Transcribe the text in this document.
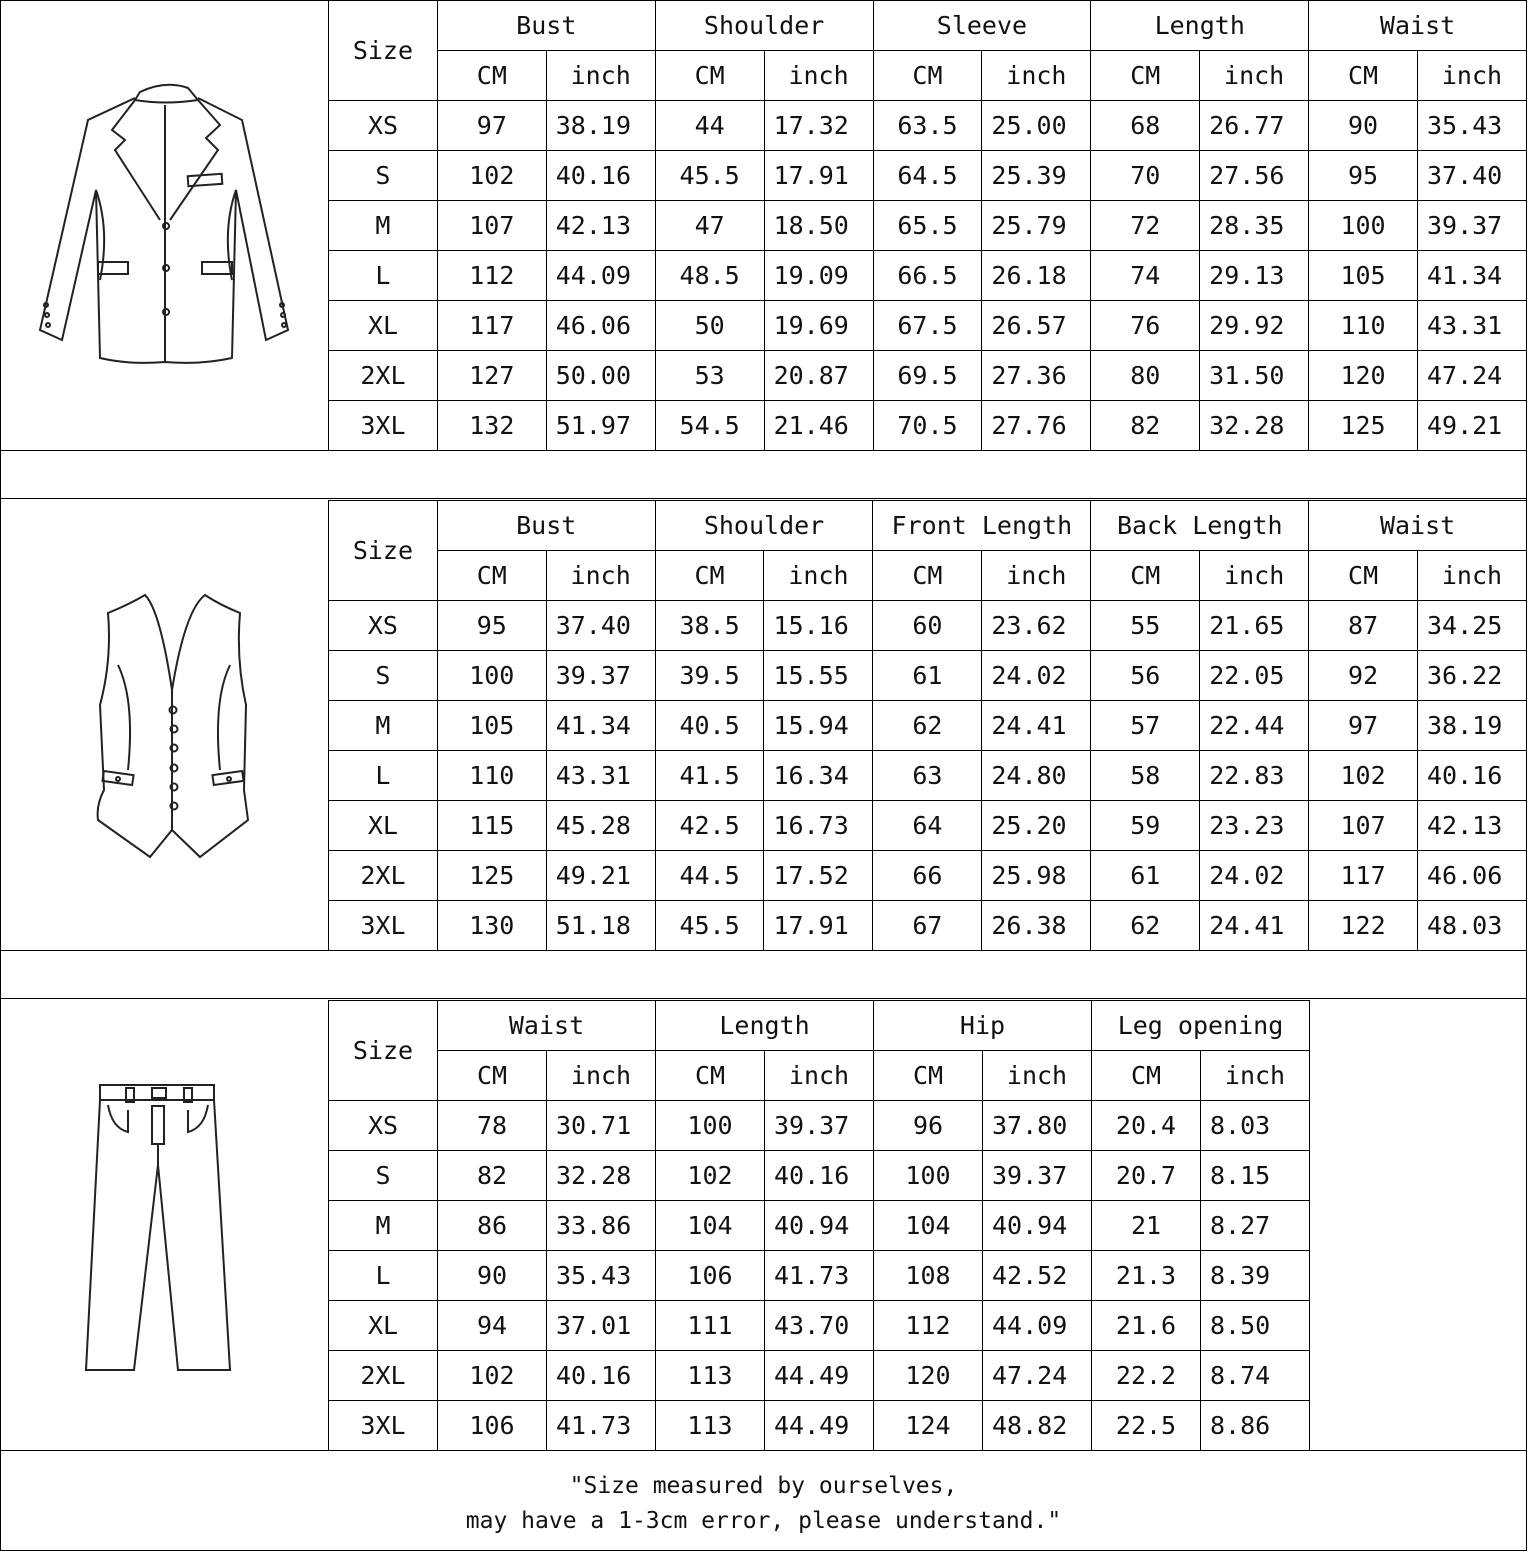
Size	Bust		Shoulder		Sleeve		Length		Waist	
	CM	inch	CM	inch	CM	inch	CM	inch	CM	inch
XS	97	38.19	44	17.32	63.5	25.00	68	26.77	90	35.43
S	102	40.16	45.5	17.91	64.5	25.39	70	27.56	95	37.40
M	107	42.13	47	18.50	65.5	25.79	72	28.35	100	39.37
L	112	44.09	48.5	19.09	66.5	26.18	74	29.13	105	41.34
XL	117	46.06	50	19.69	67.5	26.57	76	29.92	110	43.31
2XL	127	50.00	53	20.87	69.5	27.36	80	31.50	120	47.24
3XL	132	51.97	54.5	21.46	70.5	27.76	82	32.28	125	49.21
Size	Bust		Shoulder		Front Length		Back Length		Waist	
	CM	inch	CM	inch	CM	inch	CM	inch	CM	inch
XS	95	37.40	38.5	15.16	60	23.62	55	21.65	87	34.25
S	100	39.37	39.5	15.55	61	24.02	56	22.05	92	36.22
M	105	41.34	40.5	15.94	62	24.41	57	22.44	97	38.19
L	110	43.31	41.5	16.34	63	24.80	58	22.83	102	40.16
XL	115	45.28	42.5	16.73	64	25.20	59	23.23	107	42.13
2XL	125	49.21	44.5	17.52	66	25.98	61	24.02	117	46.06
3XL	130	51.18	45.5	17.91	67	26.38	62	24.41	122	48.03
Size	Waist		Length		Hip		Leg opening	
	CM	inch	CM	inch	CM	inch	CM	inch
XS	78	30.71	100	39.37	96	37.80	20.4	8.03
S	82	32.28	102	40.16	100	39.37	20.7	8.15
M	86	33.86	104	40.94	104	40.94	21	8.27
L	90	35.43	106	41.73	108	42.52	21.3	8.39
XL	94	37.01	111	43.70	112	44.09	21.6	8.50
2XL	102	40.16	113	44.49	120	47.24	22.2	8.74
3XL	106	41.73	113	44.49	124	48.82	22.5	8.86
"Size measured by ourselves,
may have a 1-3cm error, please understand."
